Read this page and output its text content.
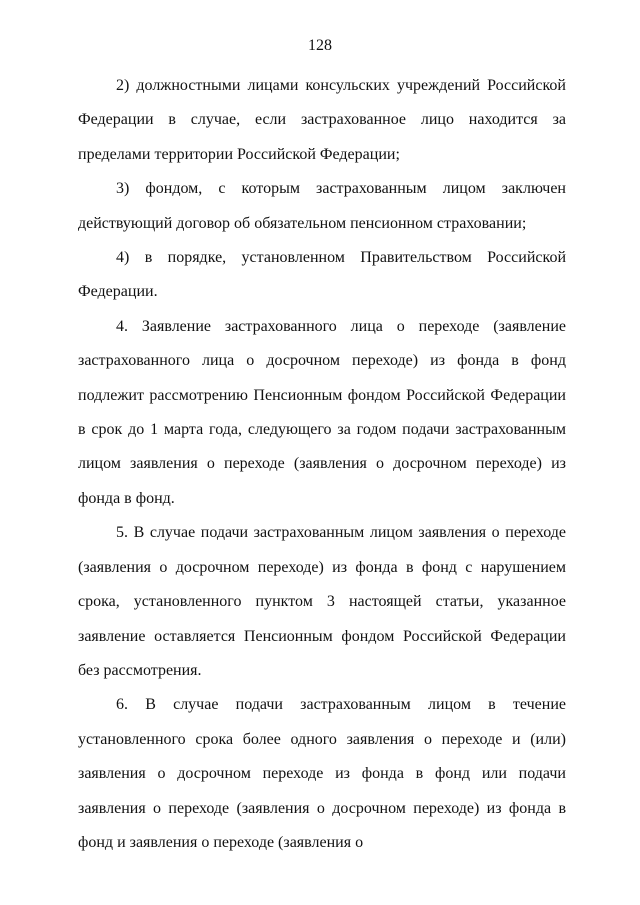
128

2) должностными лицами консульских учреждений Российской Федерации в случае, если застрахованное лицо находится за пределами территории Российской Федерации;

3) фондом, с которым застрахованным лицом заключен действующий договор об обязательном пенсионном страховании;

4) в порядке, установленном Правительством Российской Федерации.

4. Заявление застрахованного лица о переходе (заявление застрахованного лица о досрочном переходе) из фонда в фонд подлежит рассмотрению Пенсионным фондом Российской Федерации в срок до 1 марта года, следующего за годом подачи застрахованным лицом заявления о переходе (заявления о досрочном переходе) из фонда в фонд.

5. В случае подачи застрахованным лицом заявления о переходе (заявления о досрочном переходе) из фонда в фонд с нарушением срока, установленного пунктом 3 настоящей статьи, указанное заявление оставляется Пенсионным фондом Российской Федерации без рассмотрения.

6. В случае подачи застрахованным лицом в течение установленного срока более одного заявления о переходе и (или) заявления о досрочном переходе из фонда в фонд или подачи заявления о переходе (заявления о досрочном переходе) из фонда в фонд и заявления о переходе (заявления о
